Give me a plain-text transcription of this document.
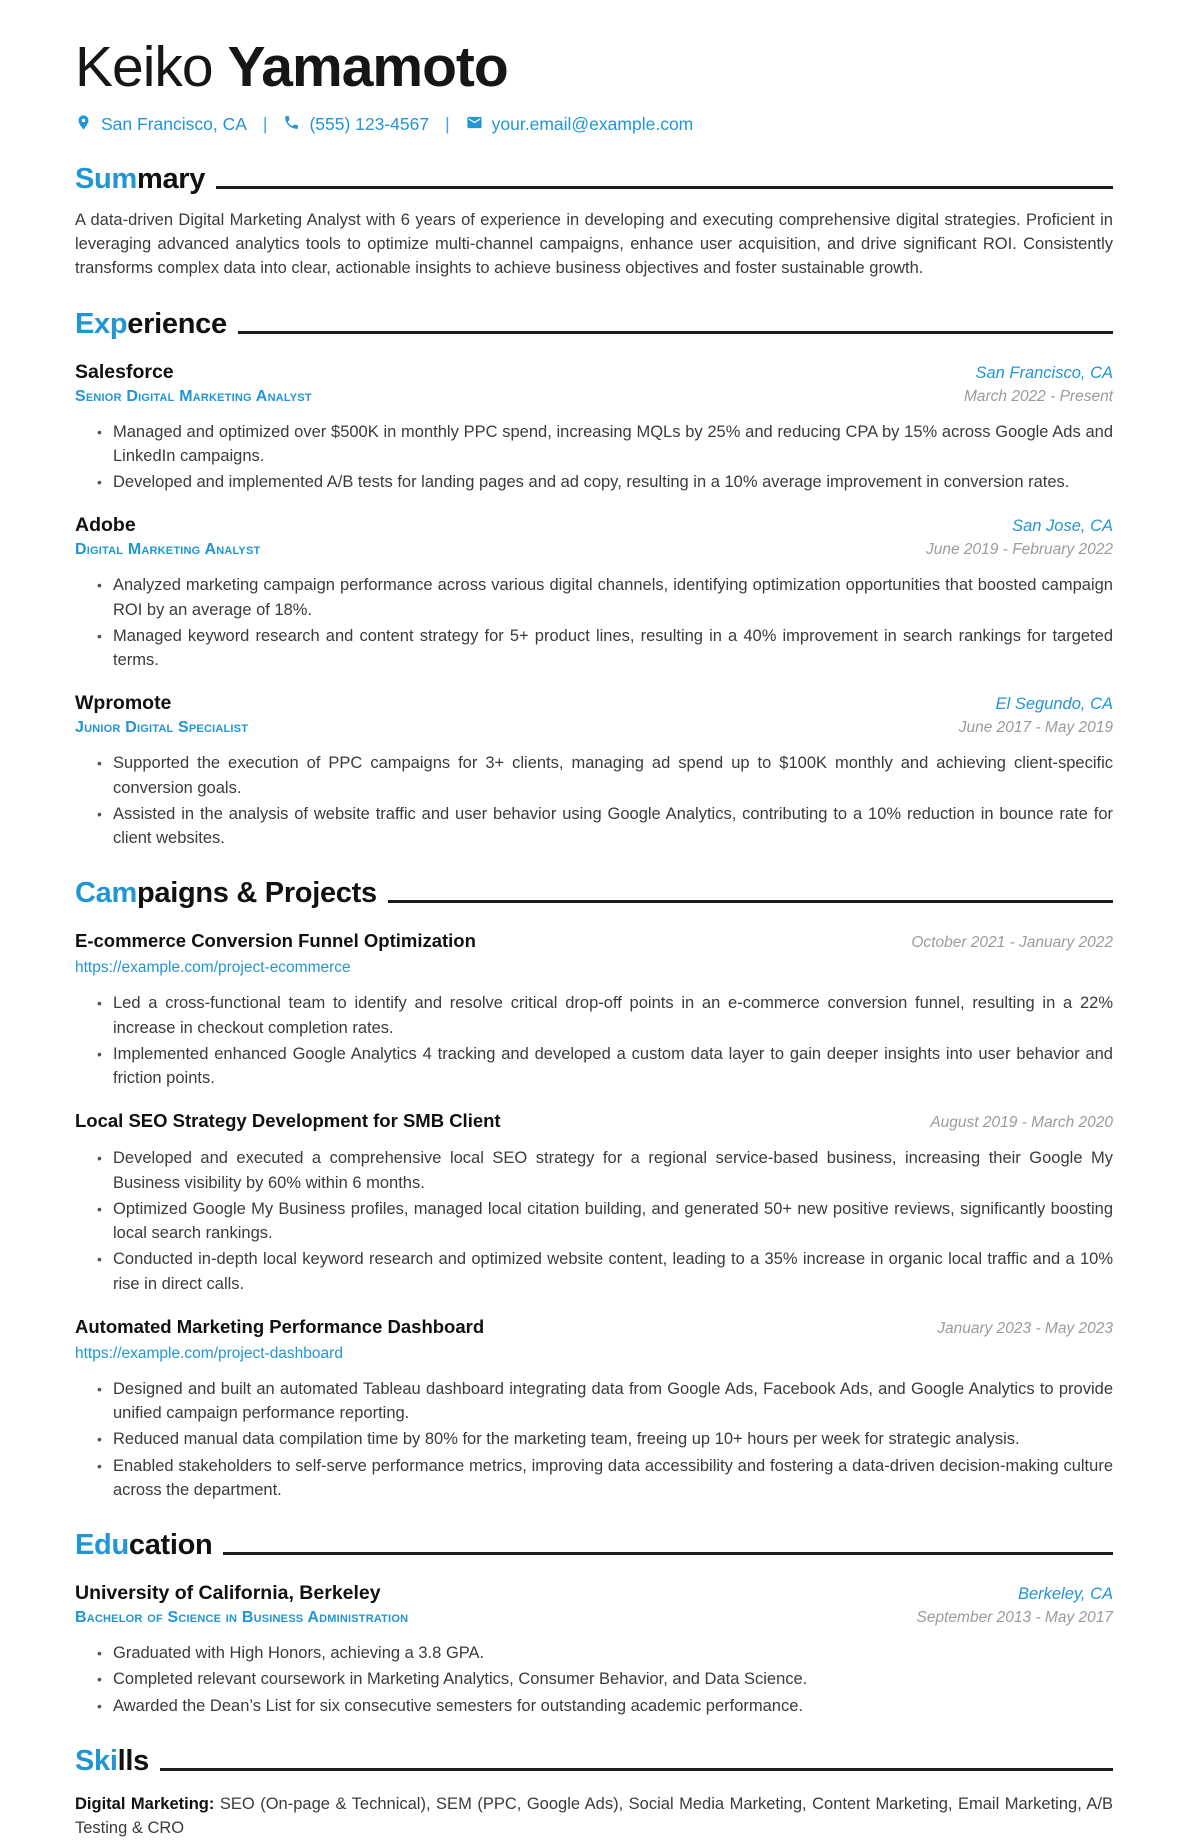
Keiko Yamamoto
San Francisco, CA | (555) 123-4567 | your.email@example.com
Summary

A data-driven Digital Marketing Analyst with 6 years of experience in developing and executing comprehensive digital strategies. Proficient in leveraging advanced analytics tools to optimize multi-channel campaigns, enhance user acquisition, and drive significant ROI. Consistently transforms complex data into clear, actionable insights to achieve business objectives and foster sustainable growth.

Experience
Salesforce	San Francisco, CA
Senior Digital Marketing Analyst	March 2022 - Present
• Managed and optimized over $500K in monthly PPC spend, increasing MQLs by 25% and reducing CPA by 15% across Google Ads and LinkedIn campaigns.
• Developed and implemented A/B tests for landing pages and ad copy, resulting in a 10% average improvement in conversion rates.
Adobe	San Jose, CA
Digital Marketing Analyst	June 2019 - February 2022
• Analyzed marketing campaign performance across various digital channels, identifying optimization opportunities that boosted campaign ROI by an average of 18%.
• Managed keyword research and content strategy for 5+ product lines, resulting in a 40% improvement in search rankings for targeted terms.
Wpromote	El Segundo, CA
Junior Digital Specialist	June 2017 - May 2019
• Supported the execution of PPC campaigns for 3+ clients, managing ad spend up to $100K monthly and achieving client-specific conversion goals.
• Assisted in the analysis of website traffic and user behavior using Google Analytics, contributing to a 10% reduction in bounce rate for client websites.
Campaigns & Projects
E-commerce Conversion Funnel Optimization	October 2021 - January 2022
https://example.com/project-ecommerce
• Led a cross-functional team to identify and resolve critical drop-off points in an e-commerce conversion funnel, resulting in a 22% increase in checkout completion rates.
• Implemented enhanced Google Analytics 4 tracking and developed a custom data layer to gain deeper insights into user behavior and friction points.
Local SEO Strategy Development for SMB Client	August 2019 - March 2020
• Developed and executed a comprehensive local SEO strategy for a regional service-based business, increasing their Google My Business visibility by 60% within 6 months.
• Optimized Google My Business profiles, managed local citation building, and generated 50+ new positive reviews, significantly boosting local search rankings.
• Conducted in-depth local keyword research and optimized website content, leading to a 35% increase in organic local traffic and a 10% rise in direct calls.
Automated Marketing Performance Dashboard	January 2023 - May 2023
https://example.com/project-dashboard
• Designed and built an automated Tableau dashboard integrating data from Google Ads, Facebook Ads, and Google Analytics to provide unified campaign performance reporting.
• Reduced manual data compilation time by 80% for the marketing team, freeing up 10+ hours per week for strategic analysis.
• Enabled stakeholders to self-serve performance metrics, improving data accessibility and fostering a data-driven decision-making culture across the department.
Education
University of California, Berkeley	Berkeley, CA
Bachelor of Science in Business Administration	September 2013 - May 2017
• Graduated with High Honors, achieving a 3.8 GPA.
• Completed relevant coursework in Marketing Analytics, Consumer Behavior, and Data Science.
• Awarded the Dean’s List for six consecutive semesters for outstanding academic performance.
Skills

Digital Marketing: SEO (On-page & Technical), SEM (PPC, Google Ads), Social Media Marketing, Content Marketing, Email Marketing, A/B Testing & CRO
